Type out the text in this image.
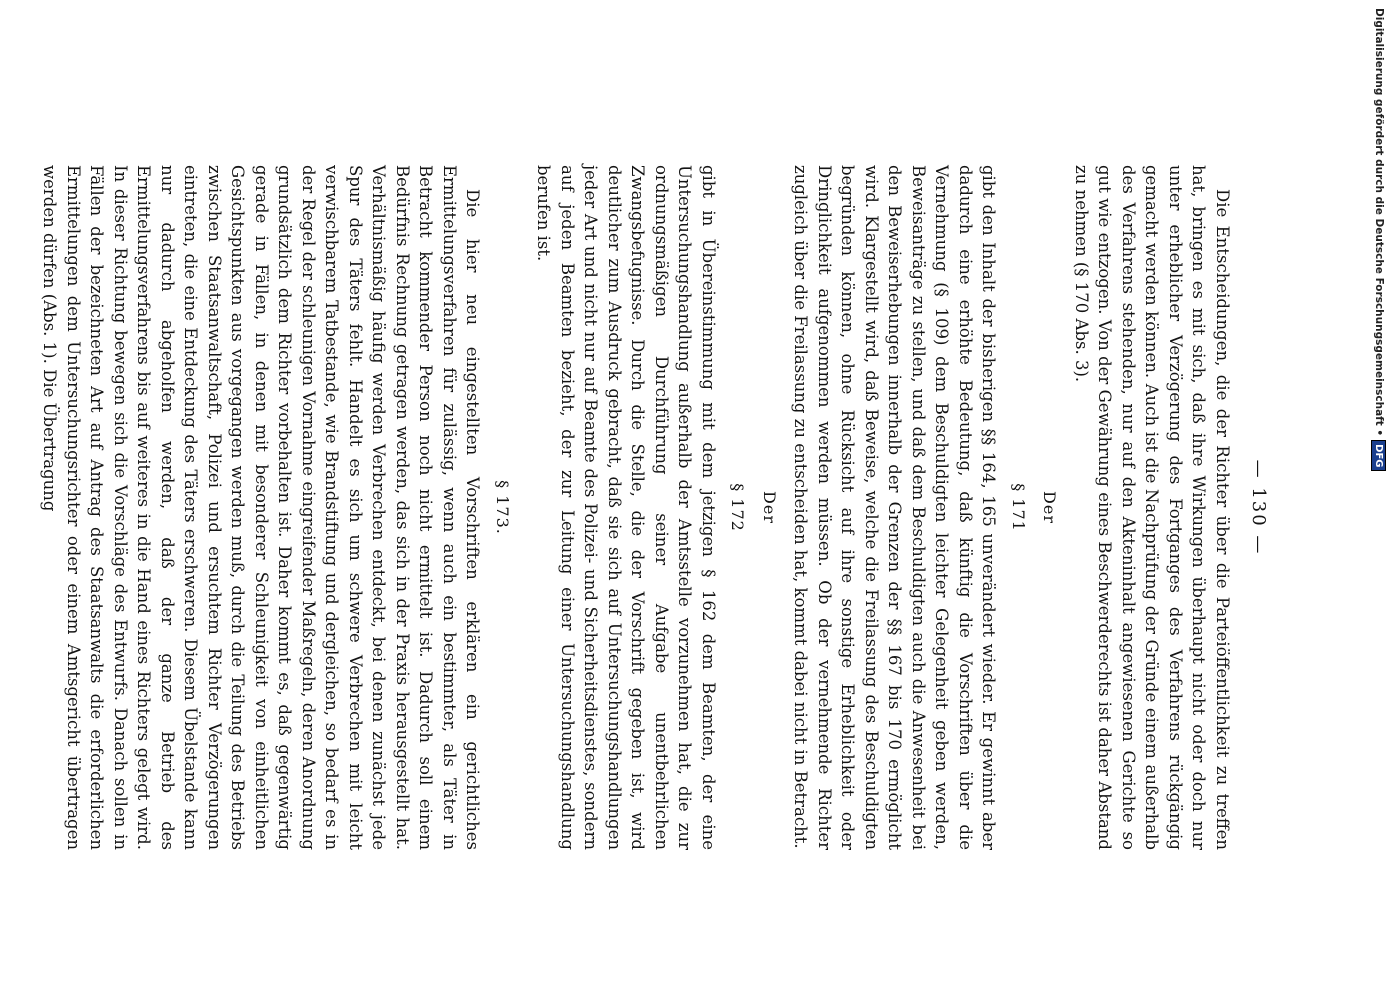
— 130 —

Die Entscheidungen, die der Richter über die Parteiöffentlichkeit zu treffen hat, bringen es mit sich, daß ihre Wirkungen überhaupt nicht oder doch nur unter erheblicher Verzögerung des Fortganges des Verfahrens rückgängig gemacht werden können. Auch ist die Nachprüfung der Gründe einem außerhalb des Verfahrens stehenden, nur auf den Akteninhalt angewiesenen Gerichte so gut wie entzogen. Von der Gewährung eines Beschwerderechts ist daher Abstand zu nehmen (§ 170 Abs. 3).

Der
§ 171

gibt den Inhalt der bisherigen §§ 164, 165 unverändert wieder. Er gewinnt aber dadurch eine erhöhte Bedeutung, daß künftig die Vorschriften über die Vernehmung (§ 109) dem Beschuldigten leichter Gelegenheit geben werden, Beweisanträge zu stellen, und daß dem Beschuldigten auch die Anwesenheit bei den Beweiserhebungen innerhalb der Grenzen der §§ 167 bis 170 ermöglicht wird. Klargestellt wird, daß Beweise, welche die Freilassung des Beschuldigten begründen können, ohne Rücksicht auf ihre sonstige Erheblichkeit oder Dringlichkeit aufgenommen werden müssen. Ob der vernehmende Richter zugleich über die Freilassung zu entscheiden hat, kommt dabei nicht in Betracht.

Der
§ 172

gibt in Übereinstimmung mit dem jetzigen § 162 dem Beamten, der eine Untersuchungshandlung außerhalb der Amtsstelle vorzunehmen hat, die zur ordnungsmäßigen Durchführung seiner Aufgabe unentbehrlichen Zwangsbefugnisse. Durch die Stelle, die der Vorschrift gegeben ist, wird deutlicher zum Ausdruck gebracht, daß sie sich auf Untersuchungshandlungen jeder Art und nicht nur auf Beamte des Polizei- und Sicherheitsdienstes, sondern auf jeden Beamten bezieht, der zur Leitung einer Untersuchungshandlung berufen ist.

§ 173.

Die hier neu eingestellten Vorschriften erklären ein gerichtliches Ermittelungsverfahren für zulässig, wenn auch ein bestimmter, als Täter in Betracht kommender Person noch nicht ermittelt ist. Dadurch soll einem Bedürfnis Rechnung getragen werden, das sich in der Praxis herausgestellt hat. Verhältnismäßig häufig werden Verbrechen entdeckt, bei denen zunächst jede Spur des Täters fehlt. Handelt es sich um schwere Verbrechen mit leicht verwischbarem Tatbestande, wie Brandstiftung und dergleichen, so bedarf es in der Regel der schleunigen Vornahme eingreifender Maßregeln, deren Anordnung grundsätzlich dem Richter vorbehalten ist. Daher kommt es, daß gegenwärtig gerade in Fällen, in denen mit besonderer Schleunigkeit von einheitlichen Gesichtspunkten aus vorgegangen werden muß, durch die Teilung des Betriebs zwischen Staatsanwaltschaft, Polizei und ersuchtem Richter Verzögerungen eintreten, die eine Entdeckung des Täters erschweren. Diesem Übelstande kann nur dadurch abgeholfen werden, daß der ganze Betrieb des Ermittelungsverfahrens bis auf weiteres in die Hand eines Richters gelegt wird. In dieser Richtung bewegen sich die Vorschläge des Entwurfs. Danach sollen in Fällen der bezeichneten Art auf Antrag des Staatsanwalts die erforderlichen Ermittelungen dem Untersuchungsrichter oder einem Amtsgericht übertragen werden dürfen (Abs. 1). Die Übertragung	Digitalisierung gefördert durch die Deutsche Forschungsgemeinschaft •
DFG
